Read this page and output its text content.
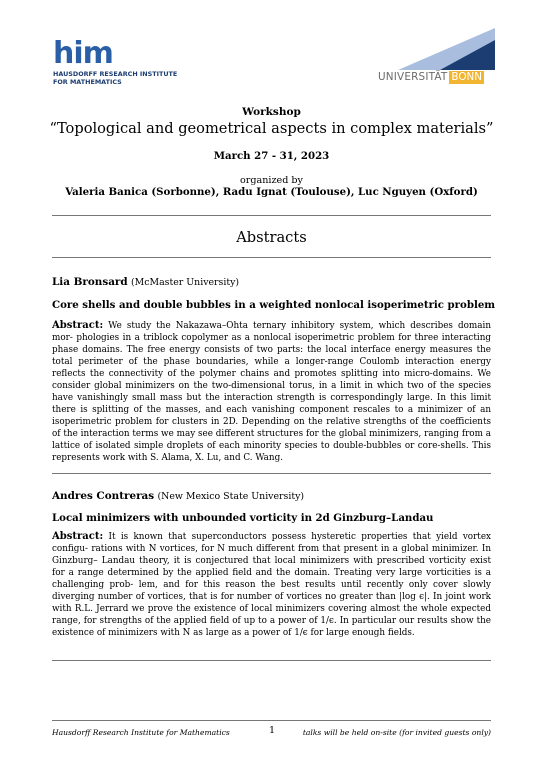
him
HAUSDORFF RESEARCH INSTITUTE
FOR MATHEMATICS	UNIVERSITÄT BONN
Workshop
“Topological and geometrical aspects in complex materials”
March 27 - 31, 2023
organized by
Valeria Banica (Sorbonne), Radu Ignat (Toulouse), Luc Nguyen (Oxford)
Abstracts
Lia Bronsard (McMaster University)
Core shells and double bubbles in a weighted nonlocal isoperimetric problem
Abstract: We study the Nakazawa–Ohta ternary inhibitory system, which describes domain mor- phologies in a triblock copolymer as a nonlocal isoperimetric problem for three interacting phase domains. The free energy consists of two parts: the local interface energy measures the total perimeter of the phase boundaries, while a longer-range Coulomb interaction energy reflects the connectivity of the polymer chains and promotes splitting into micro-domains. We consider global minimizers on the two-dimensional torus, in a limit in which two of the species have vanishingly small mass but the interaction strength is correspondingly large. In this limit there is splitting of the masses, and each vanishing component rescales to a minimizer of an isoperimetric problem for clusters in 2D. Depending on the relative strengths of the coefficients of the interaction terms we may see different structures for the global minimizers, ranging from a lattice of isolated simple droplets of each minority species to double-bubbles or core-shells. This represents work with S. Alama, X. Lu, and C. Wang.
Andres Contreras (New Mexico State University)
Local minimizers with unbounded vorticity in 2d Ginzburg–Landau
Abstract: It is known that superconductors possess hysteretic properties that yield vortex configu- rations with N vortices, for N much different from that present in a global minimizer. In Ginzburg– Landau theory, it is conjectured that local minimizers with prescribed vorticity exist for a range determined by the applied field and the domain. Treating very large vorticities is a challenging prob- lem, and for this reason the best results until recently only cover slowly diverging number of vortices, that is for number of vortices no greater than |log ϵ|. In joint work with R.L. Jerrard we prove the existence of local minimizers covering almost the whole expected range, for strengths of the applied field of up to a power of 1/ϵ. In particular our results show the existence of minimizers with N as large as a power of 1/ϵ for large enough fields.
Hausdorff Research Institute for Mathematics	1	talks will be held on-site (for invited guests only)
